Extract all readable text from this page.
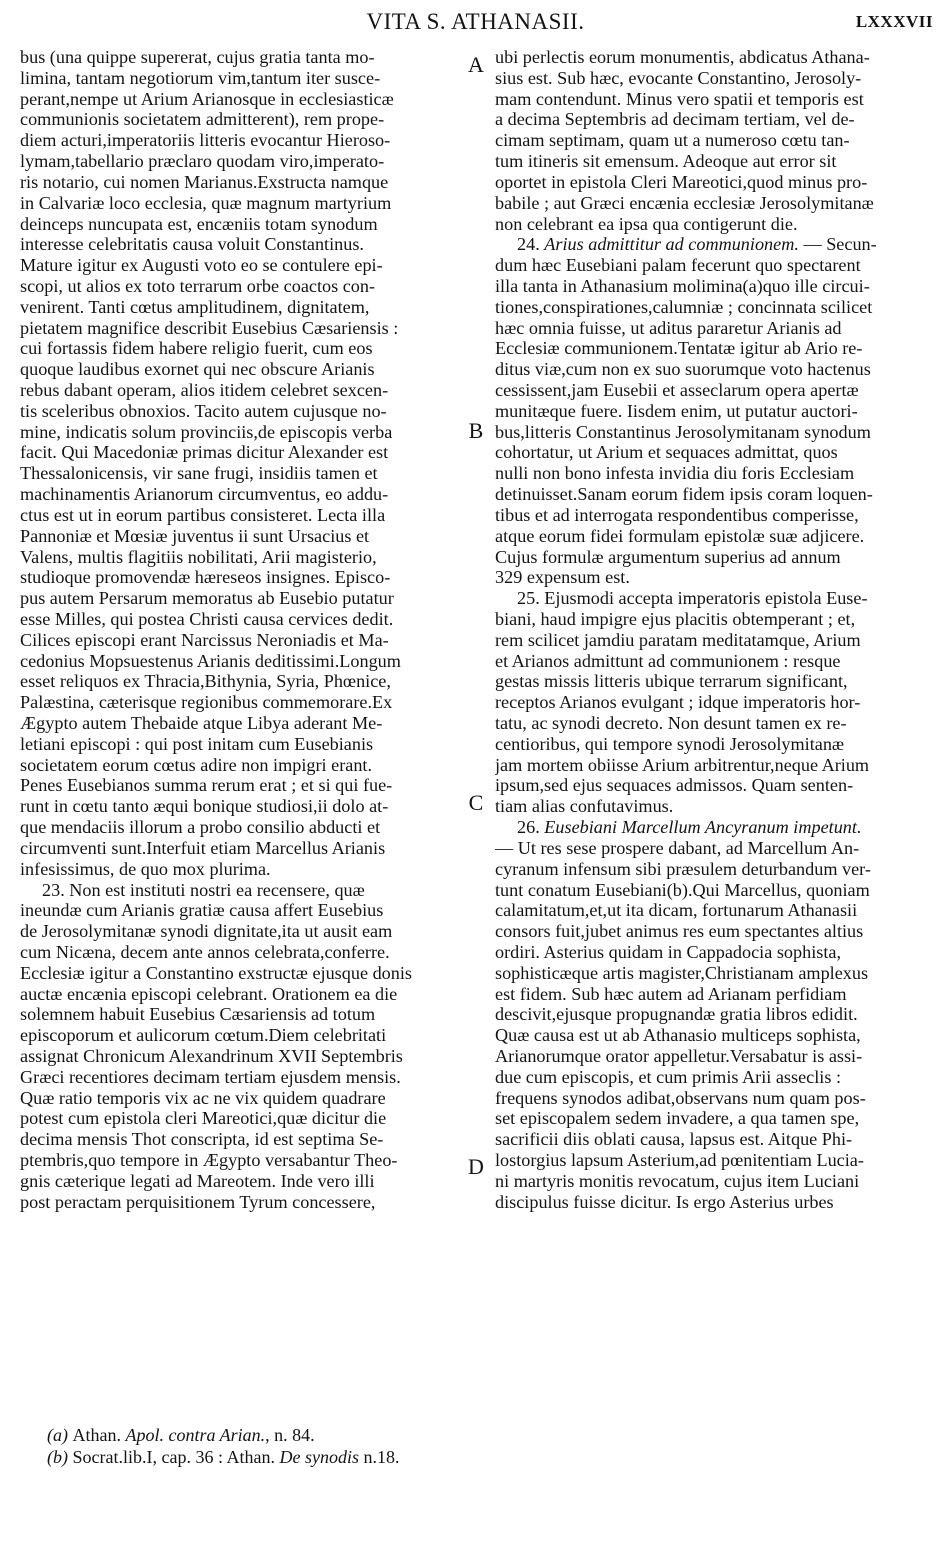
VITA S. ATHANASII.	LXXXVII
bus (una quippe supererat, cujus gratia tanta mo-
limina, tantam negotiorum vim,tantum iter susce-
perant,nempe ut Arium Arianosque in ecclesiasticæ
communionis societatem admitterent), rem prope-
diem acturi,imperatoriis litteris evocantur Hieroso-
lymam,tabellario præclaro quodam viro,imperato-
ris notario, cui nomen Marianus.Exstructa namque
in Calvariæ loco ecclesia, quæ magnum martyrium
deinceps nuncupata est, encæniis totam synodum
interesse celebritatis causa voluit Constantinus.
Mature igitur ex Augusti voto eo se contulere epi-
scopi, ut alios ex toto terrarum orbe coactos con-
venirent. Tanti cœtus amplitudinem, dignitatem,
pietatem magnifice describit Eusebius Cæsariensis :
cui fortassis fidem habere religio fuerit, cum eos
quoque laudibus exornet qui nec obscure Arianis
rebus dabant operam, alios itidem celebret sexcen-
tis sceleribus obnoxios. Tacito autem cujusque no-
mine, indicatis solum provinciis,de episcopis verba
facit. Qui Macedoniæ primas dicitur Alexander est
Thessalonicensis, vir sane frugi, insidiis tamen et
machinamentis Arianorum circumventus, eo addu-
ctus est ut in eorum partibus consisteret. Lecta illa
Pannoniæ et Mœsiæ juventus ii sunt Ursacius et
Valens, multis flagitiis nobilitati, Arii magisterio,
studioque promovendæ hæreseos insignes. Episco-
pus autem Persarum memoratus ab Eusebio putatur
esse Milles, qui postea Christi causa cervices dedit.
Cilices episcopi erant Narcissus Neroniadis et Ma-
cedonius Mopsuestenus Arianis deditissimi.Longum
esset reliquos ex Thracia,Bithynia, Syria, Phœnice,
Palæstina, cæterisque regionibus commemorare.Ex
Ægypto autem Thebaide atque Libya aderant Me-
letiani episcopi : qui post initam cum Eusebianis
societatem eorum cœtus adire non impigri erant.
Penes Eusebianos summa rerum erat ; et si qui fue-
runt in cœtu tanto æqui bonique studiosi,ii dolo at-
que mendaciis illorum a probo consilio abducti et
circumventi sunt.Interfuit etiam Marcellus Arianis
infesissimus, de quo mox plurima.
23. Non est instituti nostri ea recensere, quæ
ineundæ cum Arianis gratiæ causa affert Eusebius
de Jerosolymitanæ synodi dignitate,ita ut ausit eam
cum Nicæna, decem ante annos celebrata,conferre.
Ecclesiæ igitur a Constantino exstructæ ejusque donis
auctæ encænia episcopi celebrant. Orationem ea die
solemnem habuit Eusebius Cæsariensis ad totum
episcoporum et aulicorum cœtum.Diem celebritati
assignat Chronicum Alexandrinum XVII Septembris
Græci recentiores decimam tertiam ejusdem mensis.
Quæ ratio temporis vix ac ne vix quidem quadrare
potest cum epistola cleri Mareotici,quæ dicitur die
decima mensis Thot conscripta, id est septima Se-
ptembris,quo tempore in Ægypto versabantur Theo-
gnis cæterique legati ad Mareotem. Inde vero illi
post peractam perquisitionem Tyrum concessere,
ubi perlectis eorum monumentis, abdicatus Athana-
sius est. Sub hæc, evocante Constantino, Jerosoly-
mam contendunt. Minus vero spatii et temporis est
a decima Septembris ad decimam tertiam, vel de-
cimam septimam, quam ut a numeroso cœtu tan-
tum itineris sit emensum. Adeoque aut error sit
oportet in epistola Cleri Mareotici,quod minus pro-
babile ; aut Græci encænia ecclesiæ Jerosolymitanæ
non celebrant ea ipsa qua contigerunt die.
24. Arius admittitur ad communionem. — Secun-
dum hæc Eusebiani palam fecerunt quo spectarent
illa tanta in Athanasium molimina(a)quo ille circui-
tiones,conspirationes,calumniæ ; concinnata scilicet
hæc omnia fuisse, ut aditus pararetur Arianis ad
Ecclesiæ communionem.Tentatæ igitur ab Ario re-
ditus viæ,cum non ex suo suorumque voto hactenus
cessissent,jam Eusebii et asseclarum opera apertæ
munitæque fuere. Iisdem enim, ut putatur auctori-
bus,litteris Constantinus Jerosolymitanam synodum
cohortatur, ut Arium et sequaces admittat, quos
nulli non bono infesta invidia diu foris Ecclesiam
detinuisset.Sanam eorum fidem ipsis coram loquen-
tibus et ad interrogata respondentibus comperisse,
atque eorum fidei formulam epistolæ suæ adjicere.
Cujus formulæ argumentum superius ad annum
329 expensum est.
25. Ejusmodi accepta imperatoris epistola Euse-
biani, haud impigre ejus placitis obtemperant ; et,
rem scilicet jamdiu paratam meditatamque, Arium
et Arianos admittunt ad communionem : resque
gestas missis litteris ubique terrarum significant,
receptos Arianos evulgant ; idque imperatoris hor-
tatu, ac synodi decreto. Non desunt tamen ex re-
centioribus, qui tempore synodi Jerosolymitanæ
jam mortem obiisse Arium arbitrentur,neque Arium
ipsum,sed ejus sequaces admissos. Quam senten-
tiam alias confutavimus.
26. Eusebiani Marcellum Ancyranum impetunt.
— Ut res sese prospere dabant, ad Marcellum An-
cyranum infensum sibi præsulem deturbandum ver-
tunt conatum Eusebiani(b).Qui Marcellus, quoniam
calamitatum,et,ut ita dicam, fortunarum Athanasii
consors fuit,jubet animus res eum spectantes altius
ordiri. Asterius quidam in Cappadocia sophista,
sophisticæque artis magister,Christianam amplexus
est fidem. Sub hæc autem ad Arianam perfidiam
descivit,ejusque propugnandæ gratia libros edidit.
Quæ causa est ut ab Athanasio multiceps sophista,
Arianorumque orator appelletur.Versabatur is assi-
due cum episcopis, et cum primis Arii asseclis :
frequens synodos adibat,observans num quam pos-
set episcopalem sedem invadere, a qua tamen spe,
sacrificii diis oblati causa, lapsus est. Aitque Phi-
lostorgius lapsum Asterium,ad pœnitentiam Lucia-
ni martyris monitis revocatum, cujus item Luciani
discipulus fuisse dicitur. Is ergo Asterius urbes
A
B
C
D
(a) Athan. Apol. contra Arian., n. 84.
(b) Socrat.lib.I, cap. 36 : Athan. De synodis n.18.
